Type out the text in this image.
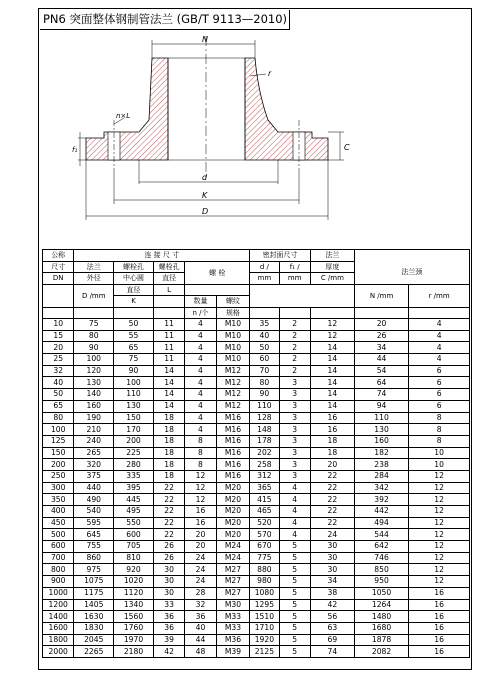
PN6 突面整体钢制管法兰 (GB/T 9113—2010)
N
r
n×L
f₁	C
d
K
D
公称	连 接 尺 寸					密封面尺寸		法兰		
尺寸	法兰	螺栓孔	螺栓孔	螺 栓		d /	f₁ /	厚度	法兰颈	
DN	外径	中心圆	直径			mm	mm	C /mm		
	D /mm	直径	L						N /mm	r /mm
		K								
				数量	螺纹					
				n /个	规格					
10	75	50	11	4	M10	35	2	12	20	4
15	80	55	11	4	M10	40	2	12	26	4
20	90	65	11	4	M10	50	2	14	34	4
25	100	75	11	4	M10	60	2	14	44	4
32	120	90	14	4	M12	70	2	14	54	6
40	130	100	14	4	M12	80	3	14	64	6
50	140	110	14	4	M12	90	3	14	74	6
65	160	130	14	4	M12	110	3	14	94	6
80	190	150	18	4	M16	128	3	16	110	8
100	210	170	18	4	M16	148	3	16	130	8
125	240	200	18	8	M16	178	3	18	160	8
150	265	225	18	8	M16	202	3	18	182	10
200	320	280	18	8	M16	258	3	20	238	10
250	375	335	18	12	M16	312	3	22	284	12
300	440	395	22	12	M20	365	4	22	342	12
350	490	445	22	12	M20	415	4	22	392	12
400	540	495	22	16	M20	465	4	22	442	12
450	595	550	22	16	M20	520	4	22	494	12
500	645	600	22	20	M20	570	4	24	544	12
600	755	705	26	20	M24	670	5	30	642	12
700	860	810	26	24	M24	775	5	30	746	12
800	975	920	30	24	M27	880	5	30	850	12
900	1075	1020	30	24	M27	980	5	34	950	12
1000	1175	1120	30	28	M27	1080	5	38	1050	16
1200	1405	1340	33	32	M30	1295	5	42	1264	16
1400	1630	1560	36	36	M33	1510	5	56	1480	16
1600	1830	1760	36	40	M33	1710	5	63	1680	16
1800	2045	1970	39	44	M36	1920	5	69	1878	16
2000	2265	2180	42	48	M39	2125	5	74	2082	16
